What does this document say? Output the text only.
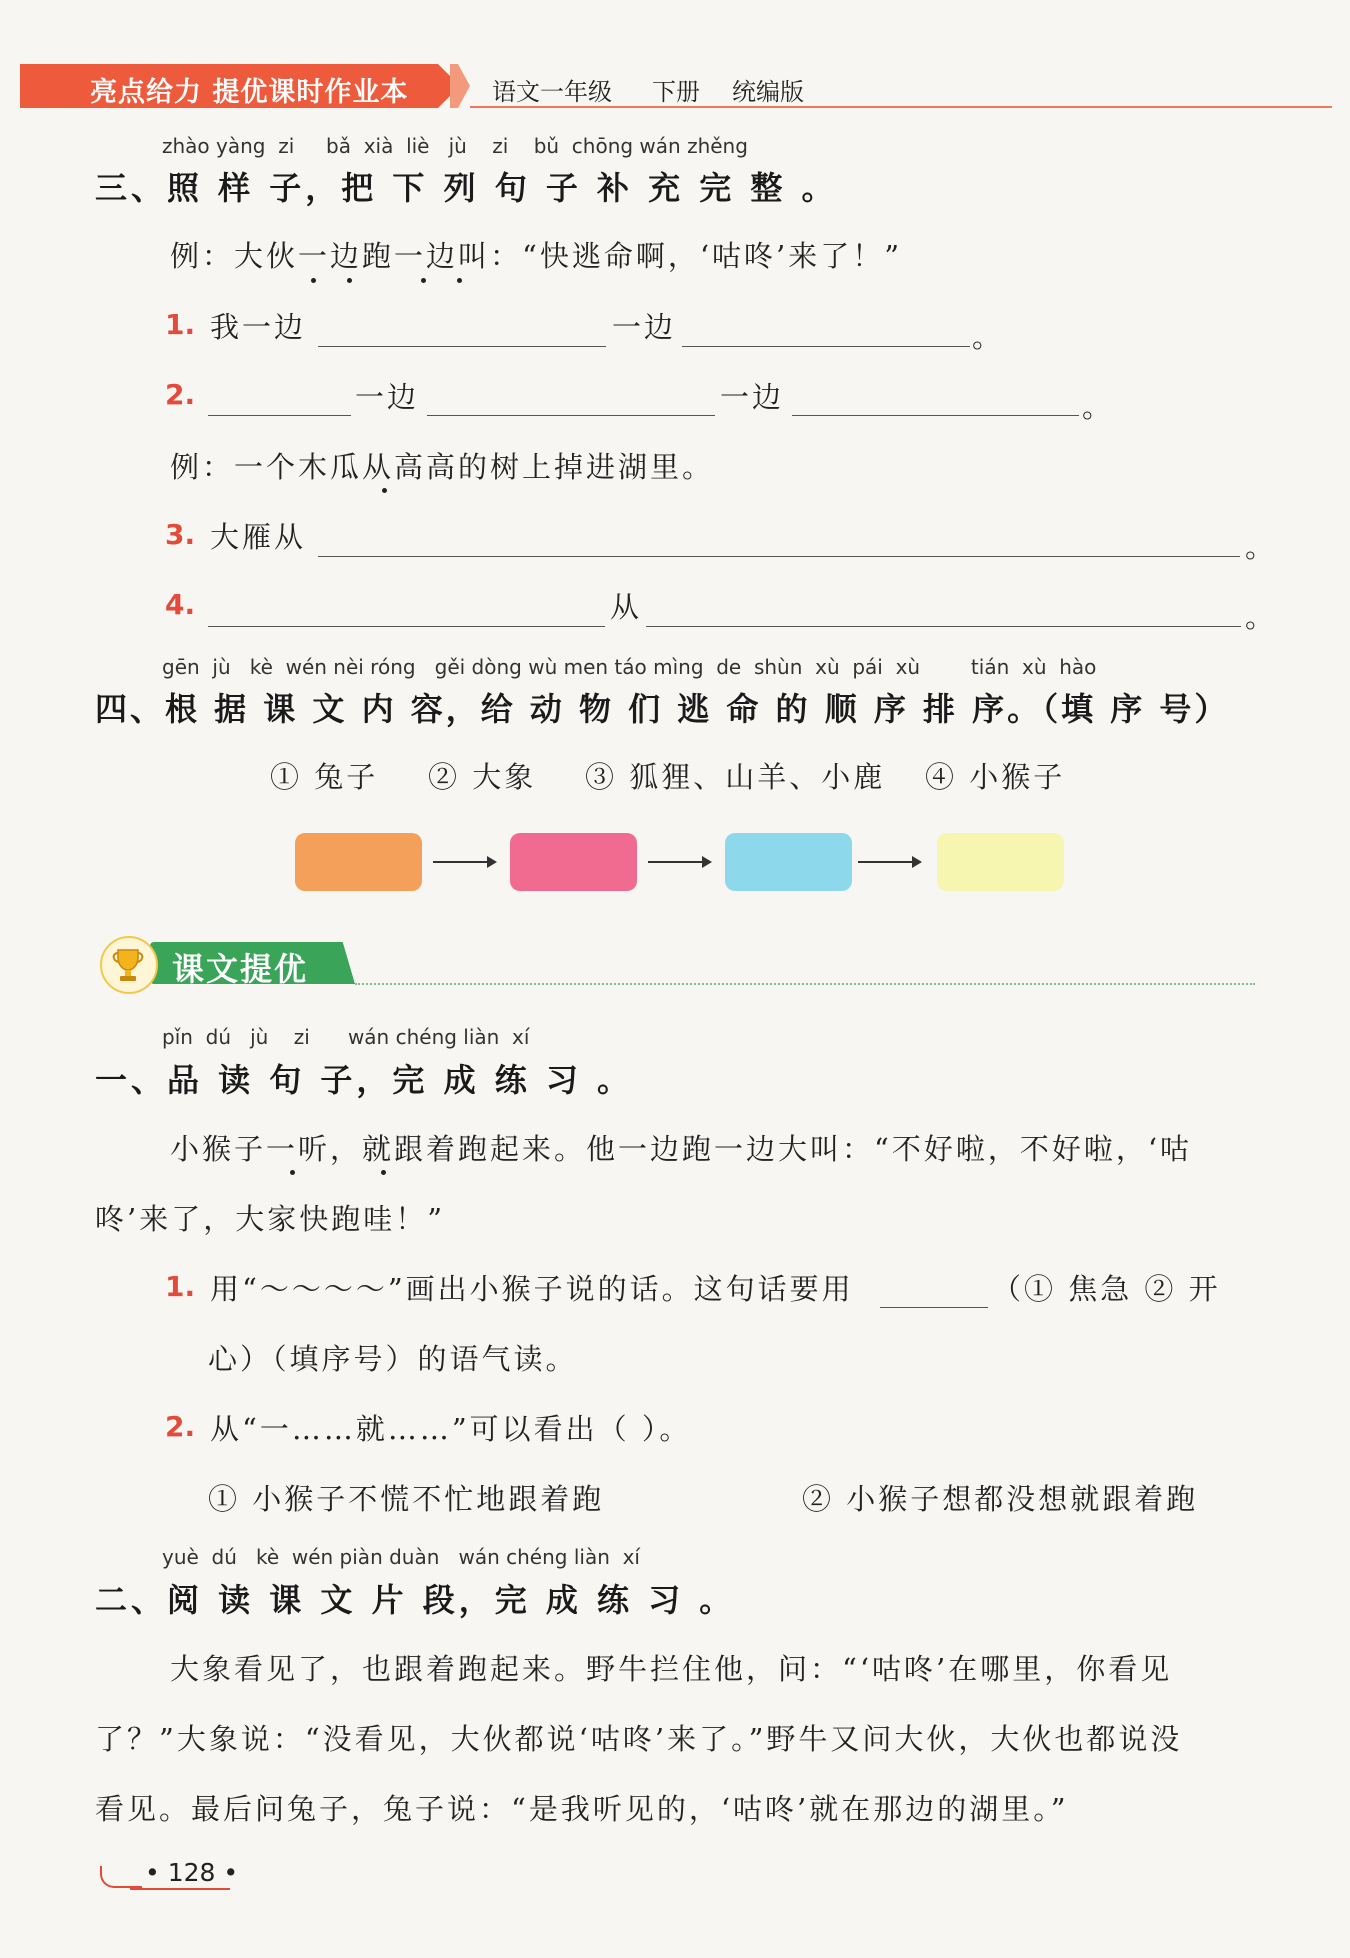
亮点给力 提优课时作业本	语文一年级 下册 统编版
zhào yàng  zi     bǎ  xià  liè   jù    zi    bǔ  chōng wán zhěng
三、照 样 子，把 下 列 句 子 补 充 完 整 。
例：大伙一边跑一边叫：“快逃命啊，‘咕咚’来了！”
1. 我一边	一边	。
2.	一边	一边	。
例：一个木瓜从高高的树上掉进湖里。
3. 大雁从	。
4.	从	。
gēn  jù   kè  wén nèi róng   gěi dòng wù men táo mìng  de  shùn  xù  pái  xù        tián  xù  hào
四、根 据 课 文 内 容，给 动 物 们 逃 命 的 顺 序 排 序。（填 序 号）
① 兔子 ② 大象 ③ 狐狸、山羊、小鹿 ④ 小猴子
课文提优
pǐn  dú   jù    zi      wán chéng liàn  xí
一、品 读 句 子，完 成 练 习 。
小猴子一听，就跟着跑起来。他一边跑一边大叫：“不好啦，不好啦，‘咕
咚’来了，大家快跑哇！”
1. 用“～～～～”画出小猴子说的话。这句话要用	（① 焦急 ② 开
心）（填序号）的语气读。
2. 从“一……就……”可以看出（ ）。
① 小猴子不慌不忙地跟着跑	② 小猴子想都没想就跟着跑
yuè  dú   kè  wén piàn duàn   wán chéng liàn  xí
二、阅 读 课 文 片 段，完 成 练 习 。
大象看见了，也跟着跑起来。野牛拦住他，问：“‘咕咚’在哪里，你看见
了？”大象说：“没看见，大伙都说‘咕咚’来了。”野牛又问大伙，大伙也都说没
看见。最后问兔子，兔子说：“是我听见的，‘咕咚’就在那边的湖里。”
• 128 •
